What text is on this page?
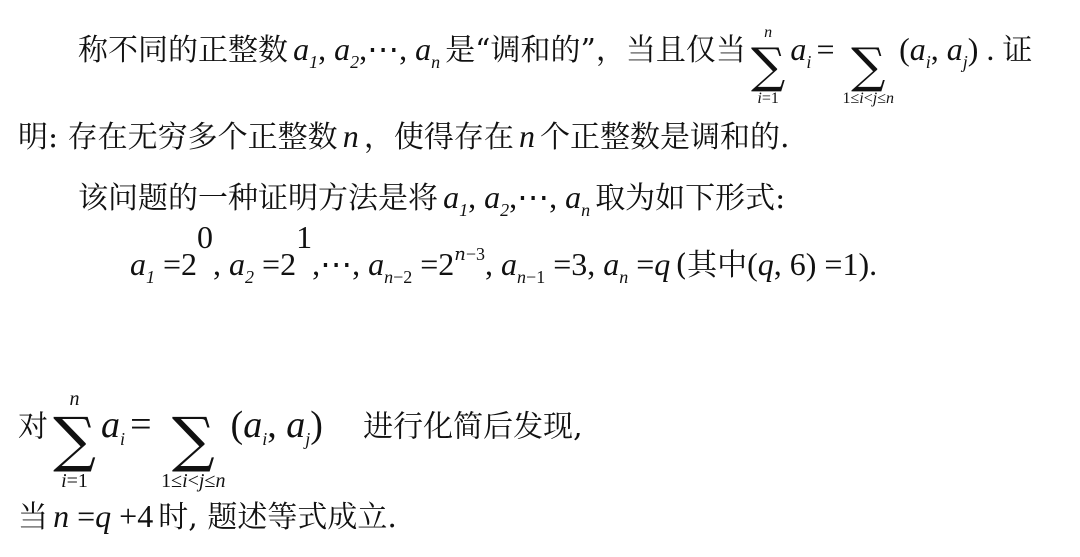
称不同的正整数 $a_1$, $a_2,\cdots$, $a_n$ 是“调和的”，当且仅当
n
∑
i=1
$a_i$ =
∑
1≤i<j≤n
($a_i$, $a_j$) . 证
明: 存在无穷多个正整数 n ，使得存在 n 个正整数是调和的.
该问题的一种证明方法是将 $a_1$, $a_2,\cdots$, $a_n$ 取为如下形式:
$a_1 =2^0$, $a_2$ $=2^1,\cdots$, $a_{n-2} =2^{n-3}$, $a_{n-1} =3$, $a_n =q$ (其中(q, 6) =1).
对
n
∑
i=1
$a_i$ =
∑
1≤i<j≤n
($a_i$, $a_j$) 进行化简后发现,
当 n =q +4 时, 题述等式成立.
